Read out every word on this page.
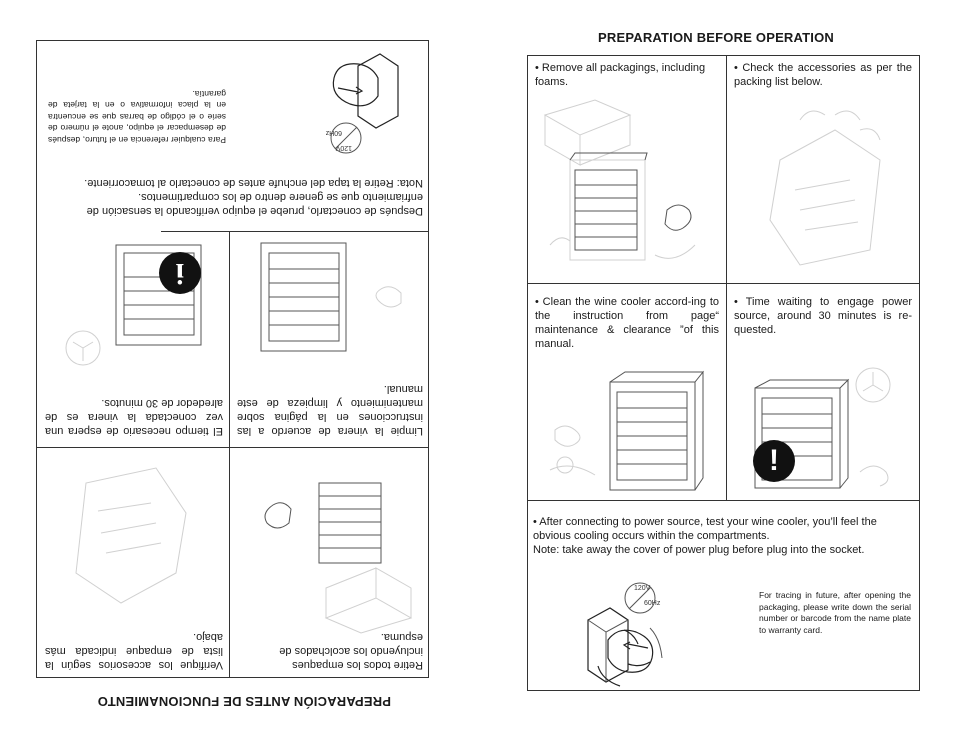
PREPARATION BEFORE OPERATION
• Remove all packagings, including foams.
• Check the accessories as per the packing list below.
• Clean the wine cooler accord-ing to the instruction from page“ maintenance & clearance ”of this manual.
• Time waiting to engage power source, around 30 minutes is re-quested.
!
• After connecting to power source, test your wine cooler, you’ll feel the obvious cooling occurs within the compartments.
Note: take away the cover of power plug before plug into the socket.
120V
60Hz
For tracing in future, after opening the packaging, please write down the serial number or barcode from the name plate to warranty card.
PREPARACIÓN ANTES DE FUNCIONAMIENTO
Retire todos los empaques incluyendo los acolchados de espuma.
Verifique los accesorios según la lista de empaque indicada más abajo.
Limpie la vinera de acuerdo a las instrucciones en la página sobre mantenimiento y limpieza de este manual.
El tiempo necesario de espera una vez conectada la vinera es de alrededor de 30 minutos.
i
Después de conectarlo, pruebe el equipo verificando la sensación de enfriamiento que se genere dentro de los compartimentos.
Nota: Retire la tapa del enchufe antes de conectarlo al tomacorriente.
120V
60Hz
Para cualquier referencia en el futuro, después de desempacar el equipo, anote el número de serie o el código de barras que se encuentra en la placa informativa o en la tarjeta de garantía.
